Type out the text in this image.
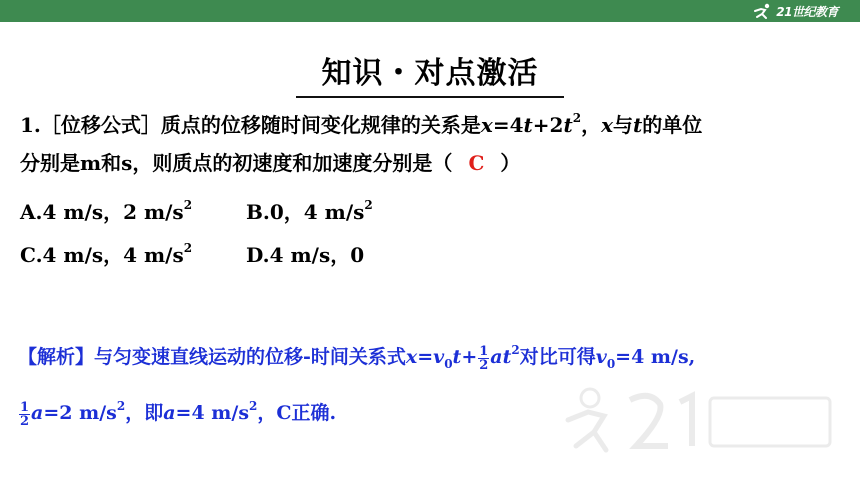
21世纪教育
知识・对点激活
1.［位移公式］质点的位移随时间变化规律的关系是$x=4t+2t^2$，x与t的单位
分别是m和s，则质点的初速度和加速度分别是（ C ）
A.4 m/s，2 $m/s^2$	B.0，4 $m/s^2$
C.4 m/s，4 $m/s^2$	D.4 m/s，0
【解析】与匀变速直线运动的位移-时间关系式$x=v_0t+ \frac{1}{2} at^2$对比可得$v_0=4$ m/s,
$\frac{1}{2} a=2$ $m/s^2$，即a=4 $m/s^2$，C正确.
